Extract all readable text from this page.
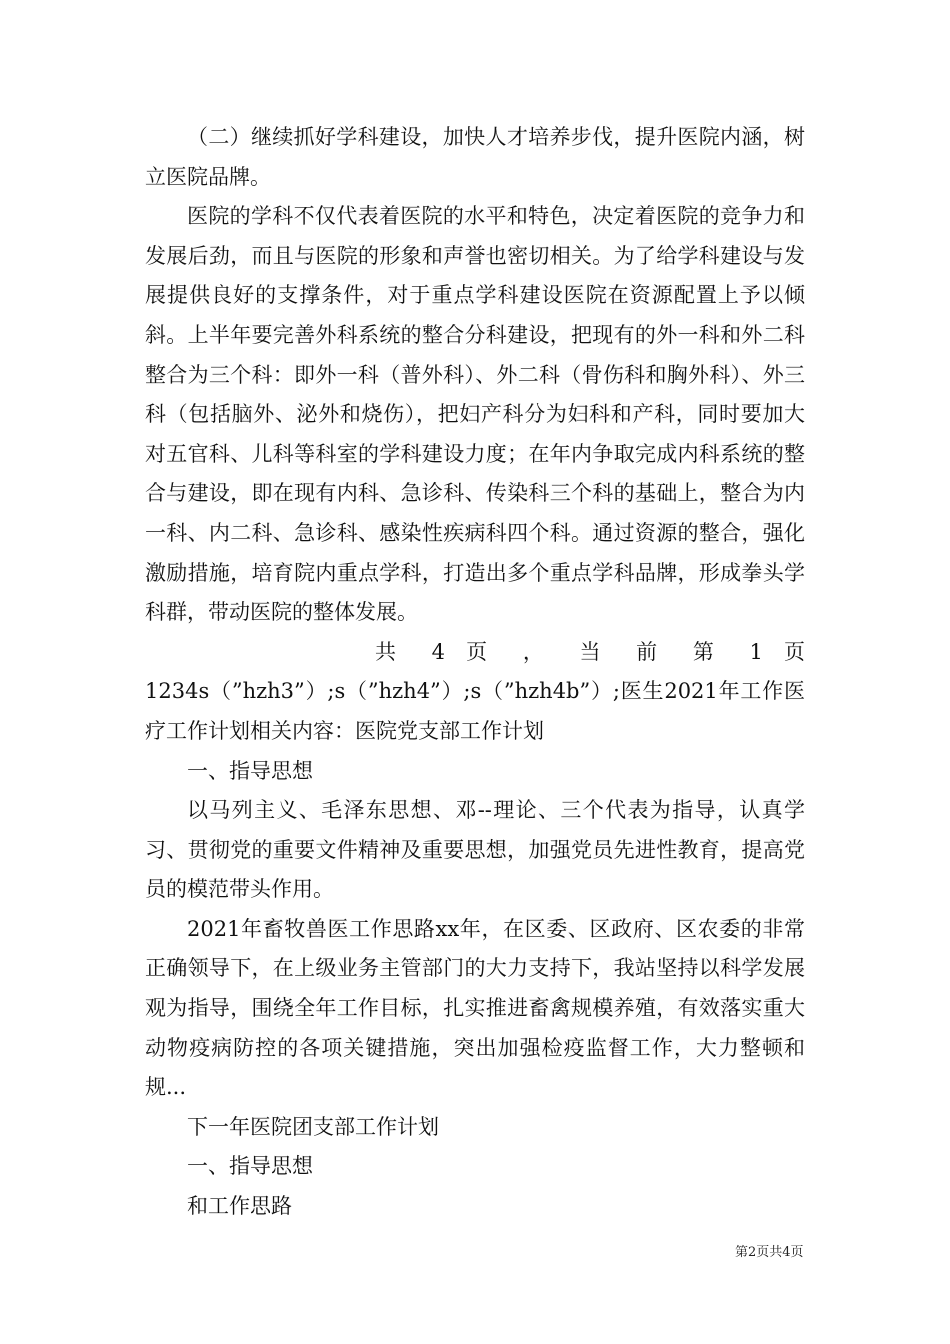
（二）继续抓好学科建设，加快人才培养步伐，提升医院内涵，树立医院品牌。

医院的学科不仅代表着医院的水平和特色，决定着医院的竞争力和发展后劲，而且与医院的形象和声誉也密切相关。为了给学科建设与发展提供良好的支撑条件，对于重点学科建设医院在资源配置上予以倾斜。上半年要完善外科系统的整合分科建设，把现有的外一科和外二科整合为三个科：即外一科（普外科）、外二科（骨伤科和胸外科）、外三科（包括脑外、泌外和烧伤），把妇产科分为妇科和产科，同时要加大对五官科、儿科等科室的学科建设力度；在年内争取完成内科系统的整合与建设，即在现有内科、急诊科、传染科三个科的基础上，整合为内一科、内二科、急诊科、感染性疾病科四个科。通过资源的整合，强化激励措施，培育院内重点学科，打造出多个重点学科品牌，形成拳头学科群，带动医院的整体发展。

共 4 页 ， 当 前 第 1 页

1234s（”hzh3”）;s（”hzh4”）;s（”hzh4b”）;医生2021年工作医疗工作计划相关内容：医院党支部工作计划

一、指导思想

以马列主义、毛泽东思想、邓--理论、三个代表为指导，认真学习、贯彻党的重要文件精神及重要思想，加强党员先进性教育，提高党员的模范带头作用。

2021年畜牧兽医工作思路xx年，在区委、区政府、区农委的非常正确领导下，在上级业务主管部门的大力支持下，我站坚持以科学发展观为指导，围绕全年工作目标，扎实推进畜禽规模养殖，有效落实重大动物疫病防控的各项关键措施，突出加强检疫监督工作，大力整顿和规...

下一年医院团支部工作计划

一、指导思想

和工作思路

第2页共4页
